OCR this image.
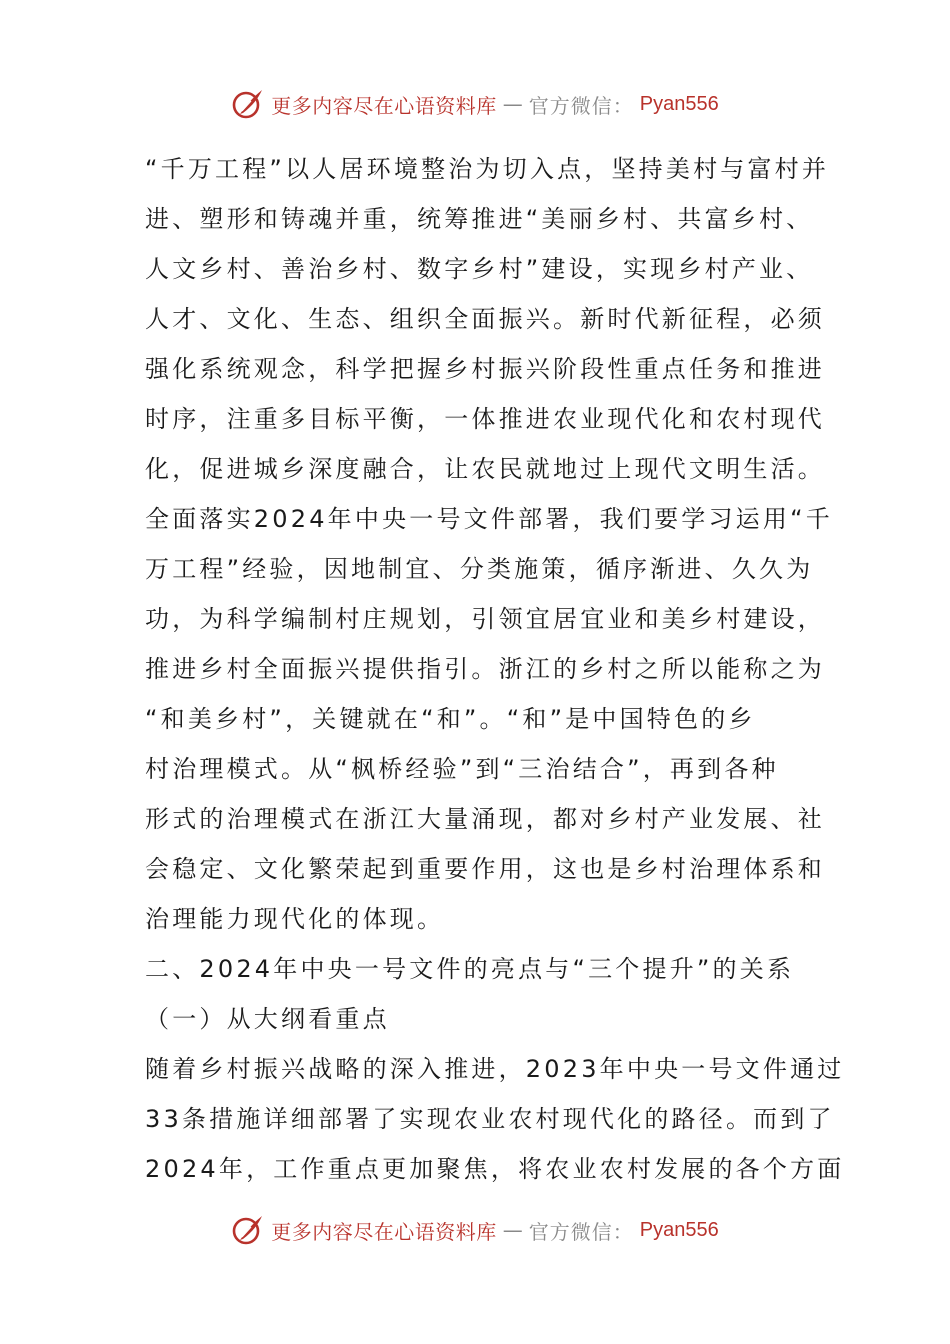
更多内容尽在心语资料库 — 官方微信： Pyan556
“千万工程”以人居环境整治为切入点，坚持美村与富村并
进、塑形和铸魂并重，统筹推进“美丽乡村、共富乡村、
人文乡村、善治乡村、数字乡村”建设，实现乡村产业、
人才、文化、生态、组织全面振兴。新时代新征程，必须
强化系统观念，科学把握乡村振兴阶段性重点任务和推进
时序，注重多目标平衡，一体推进农业现代化和农村现代
化，促进城乡深度融合，让农民就地过上现代文明生活。
全面落实2024年中央一号文件部署，我们要学习运用“千
万工程”经验，因地制宜、分类施策，循序渐进、久久为
功，为科学编制村庄规划，引领宜居宜业和美乡村建设，
推进乡村全面振兴提供指引。浙江的乡村之所以能称之为
“和美乡村”，关键就在“和”。“和”是中国特色的乡
村治理模式。从“枫桥经验”到“三治结合”，再到各种
形式的治理模式在浙江大量涌现，都对乡村产业发展、社
会稳定、文化繁荣起到重要作用，这也是乡村治理体系和
治理能力现代化的体现。
二、2024年中央一号文件的亮点与“三个提升”的关系
（一）从大纲看重点
随着乡村振兴战略的深入推进，2023年中央一号文件通过
33条措施详细部署了实现农业农村现代化的路径。而到了
2024年，工作重点更加聚焦，将农业农村发展的各个方面
更多内容尽在心语资料库 — 官方微信： Pyan556
